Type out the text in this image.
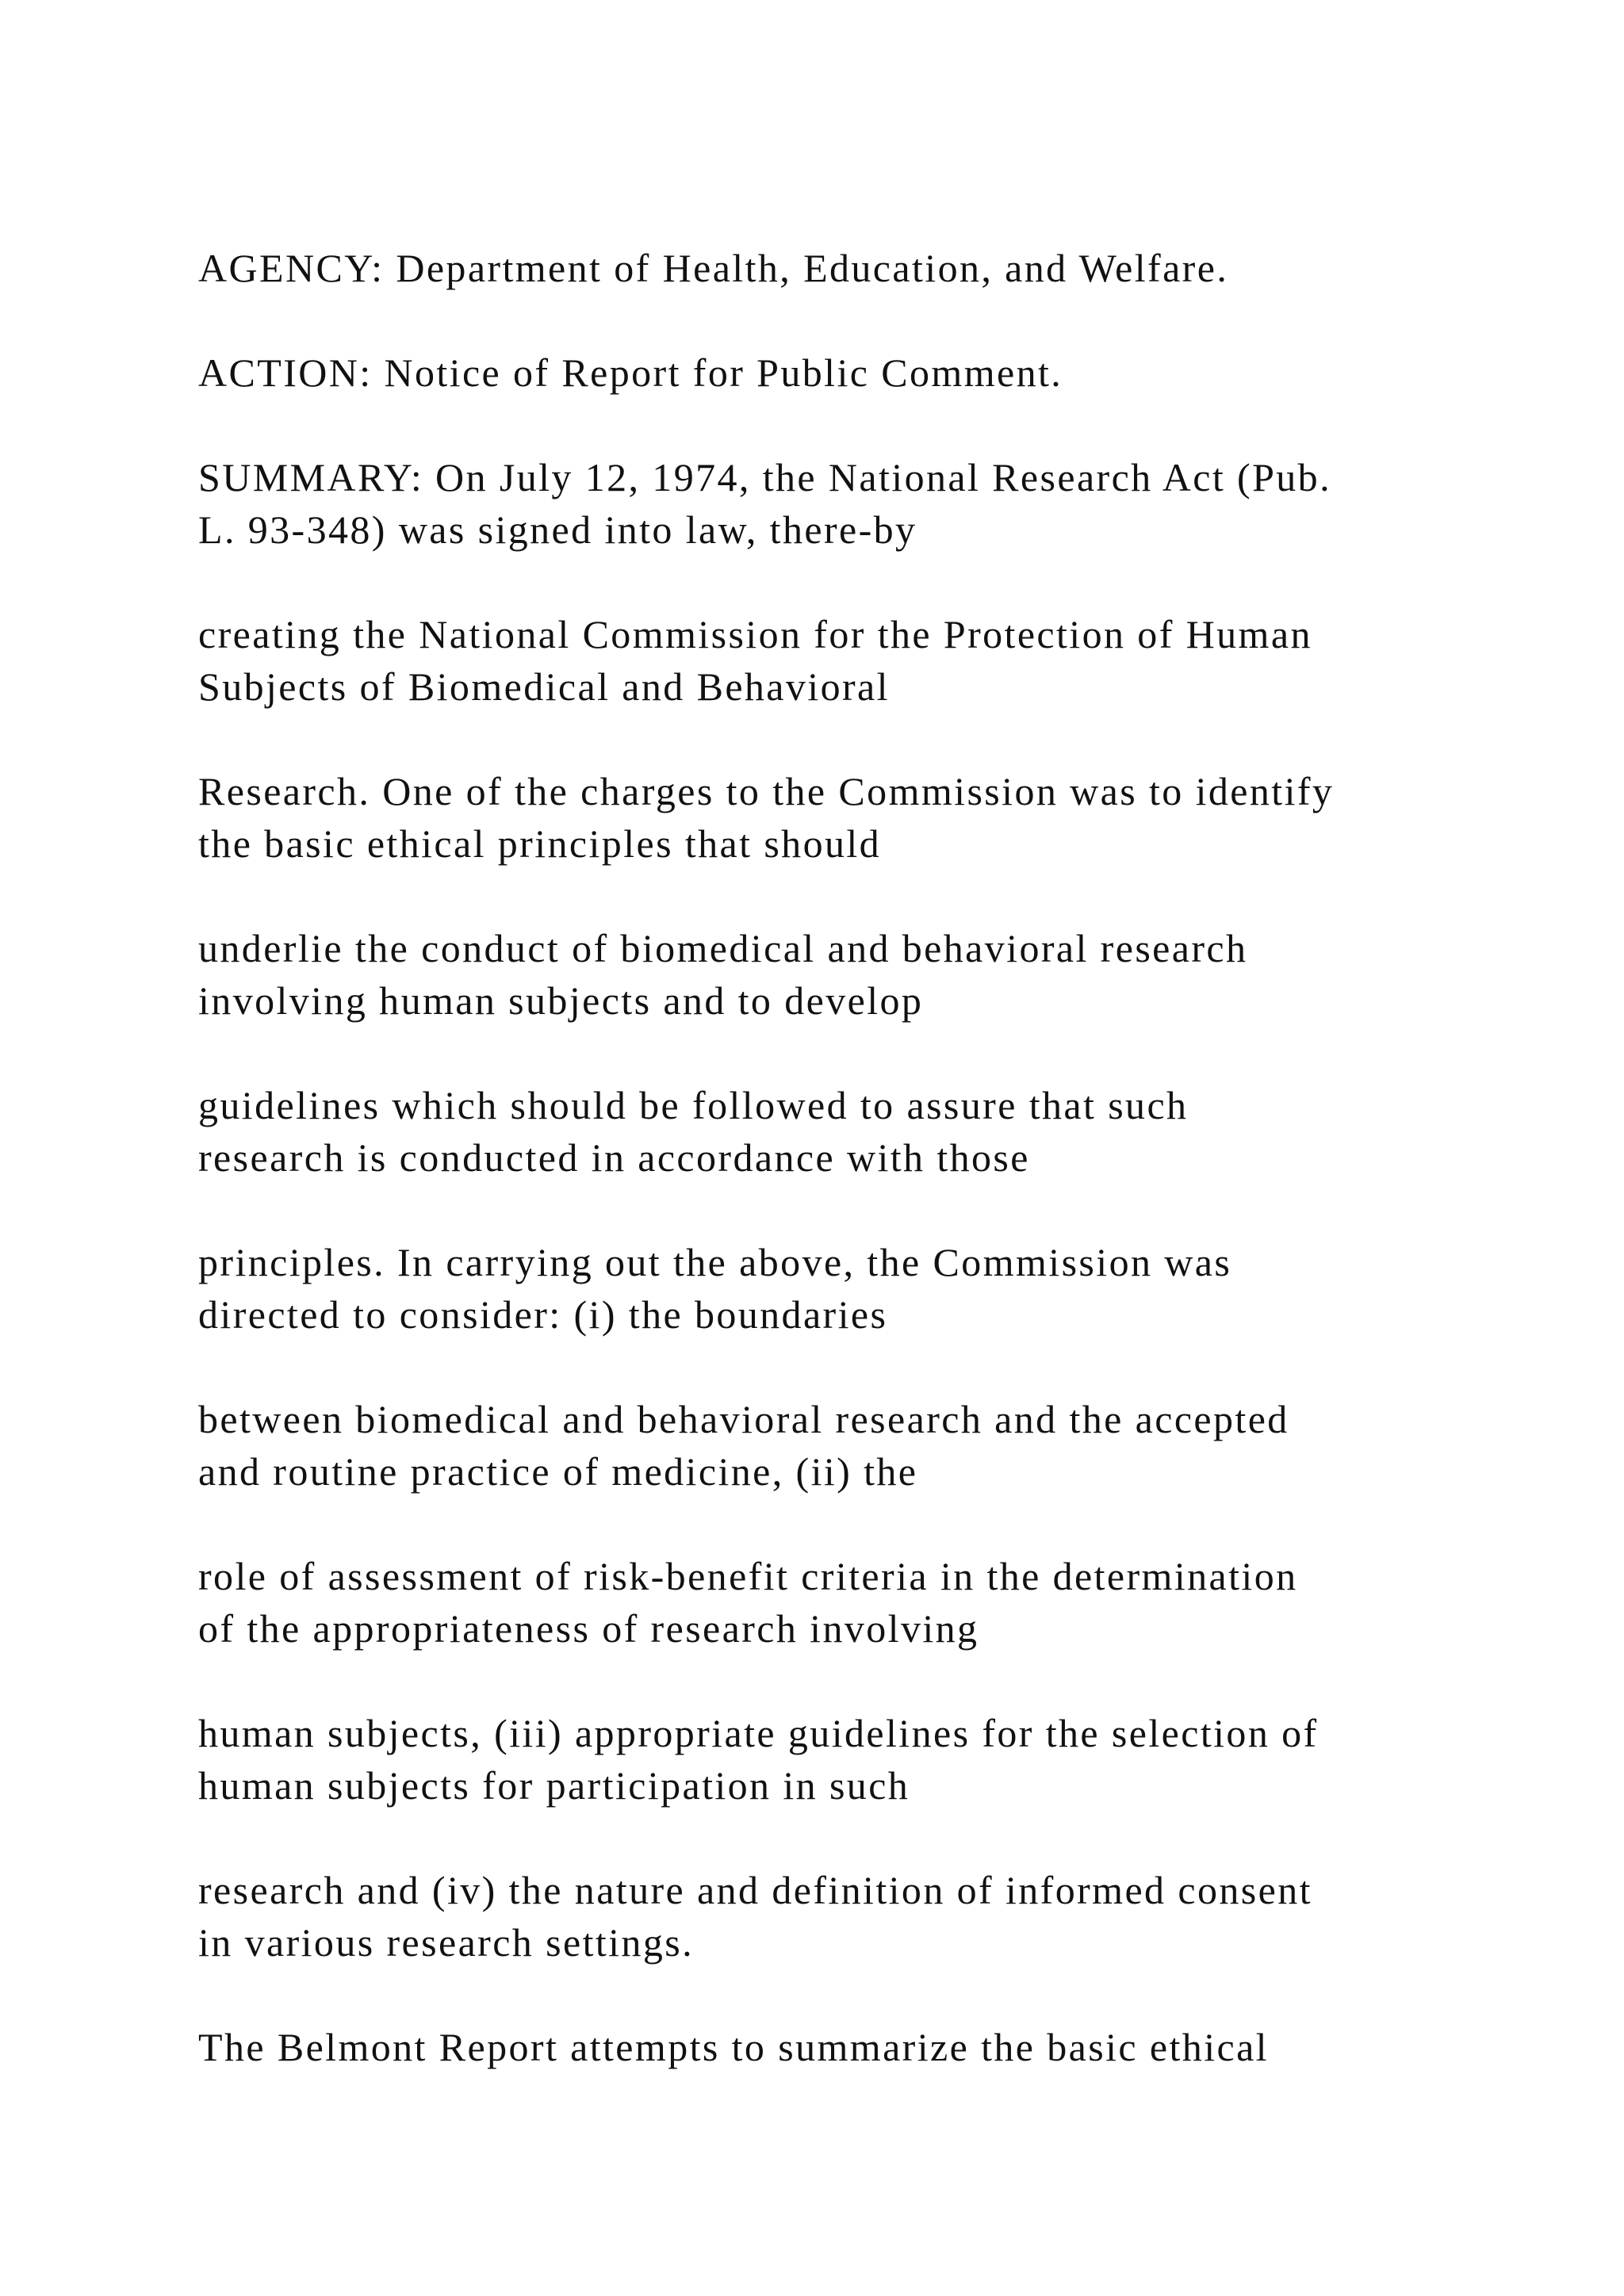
AGENCY: Department of Health, Education, and Welfare.

ACTION: Notice of Report for Public Comment.

SUMMARY: On July 12, 1974, the National Research Act (Pub.
L. 93-348) was signed into law, there-by

creating the National Commission for the Protection of Human
Subjects of Biomedical and Behavioral

Research. One of the charges to the Commission was to identify
the basic ethical principles that should

underlie the conduct of biomedical and behavioral research
involving human subjects and to develop

guidelines which should be followed to assure that such
research is conducted in accordance with those

principles. In carrying out the above, the Commission was
directed to consider: (i) the boundaries

between biomedical and behavioral research and the accepted
and routine practice of medicine, (ii) the

role of assessment of risk-benefit criteria in the determination
of the appropriateness of research involving

human subjects, (iii) appropriate guidelines for the selection of
human subjects for participation in such

research and (iv) the nature and definition of informed consent
in various research settings.

The Belmont Report attempts to summarize the basic ethical
